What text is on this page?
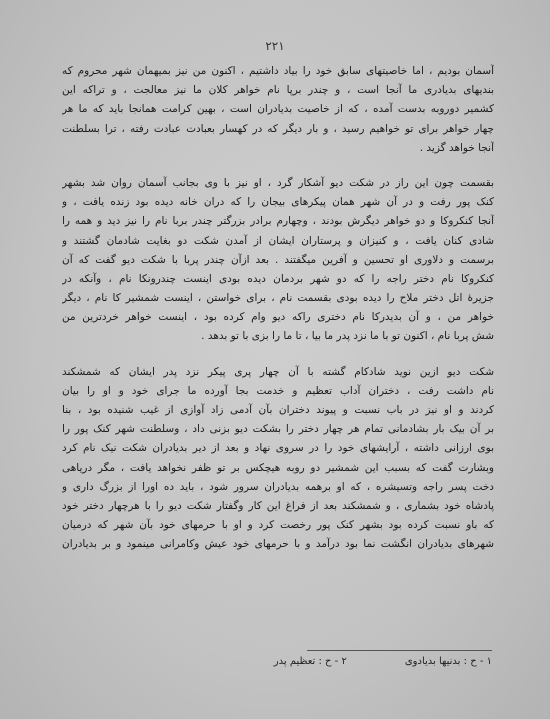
۲۲۱
آسمان بودیم ، اما خاصیتهای سابق خود را بیاد داشتیم ، اکنون من نیز بمیهمان شهر محروم که
بندیهای بدیادری ما آنجا است ، و چندر برپا نام خواهر کلان ما نیز معالجت ، و تراکه این
کشمیر دوروبه بدست آمده ، که از خاصیت بدیادران است ، بهین کرامت همانجا باید که ما هر
چهار خواهر برای تو خواهیم رسید ، و بار دیگر که در کهسار بعبادت عبادت رفته ، ترا بسلطنت
آنجا خواهد گزید .
بقسمت چون این راز در شکت دیو آشکار گرد ، او نیز با وی بجانب آسمان روان شد بشهر
کنک پور رفت و در آن شهر همان پیکرهای بیجان را که دران خانه دیده بود زنده یافت ، و
آنجا کنکروکا و دو خواهر دیگرش بودند ، وچهارم برادر بزرگتر چندر بربا نام را نیز دید و همه را
شادی کنان یافت ، و کنیزان و پرستاران ایشان از آمدن شکت دو بغایت شادمان گشتند و
برسمت و دلاوری او تحسین و آفرین میگفتند . بعد ازآن چندر پربا با شکت دیو گفت که آن
کنکروکا نام دختر راجه را که دو شهر بردمان دیده بودی اینست چندرونکا نام ، وآنکه در
جزیرهٔ اتل دختر ملاح را دیده بودی بقسمت نام ، برای خواستن ، اینست شمشیر کا نام ، دیگر
خواهر من ، و آن بدیدرکا نام دختری راکه دیو وام کرده بود ، اینست خواهر خردترین من
شش پربا نام ، اکنون تو با ما نزد پدر ما بیا ، تا ما را بزی با تو بدهد .
شکت دیو ازین نوید شادکام گشته با آن چهار پری پیکر نزد پدر ایشان که شمشکند
نام داشت رفت ، دختران آداب تعظیم و خدمت بجا آورده ما جرای خود و او را بیان
کردند و او نیز در باب نسبت و پیوند دختران بآن آدمی زاد آوازی از غیب شنیده بود ، بنا
بر آن بیک بار بشادمانی تمام هر چهار دختر را بشکت دیو بزنی داد ، وسلطنت شهر کنک پور را
بوی ارزانی داشته ، آرایشهای خود را در سروی نهاد و بعد از دیر بدیادران شکت نیک نام کرد
وبشارت گفت که بسبب این شمشیر دو روبه هیچکس بر تو ظفر نخواهد یافت ، مگر دریاهی
دخت پسر راجه وتسیشره ، که او برهمه بدیادران سرور شود ، باید ده اورا از بزرگ داری و
پادشاه خود بشماری ، و شمشکند بعد از فراغ این کار وگفتار شکت دیو را با هرچهار دختر خود
که باو نسبت کرده بود بشهر کنک پور رخصت کرد و او با حرمهای خود بآن شهر که درمیان
شهرهای بدیادران انگشت نما بود درآمد و با حرمهای خود عیش وکامرانی مینمود و بر بدیادران
۱ - ح : بدنیها بدیادوی
۲ - ح : تعظیم پدر
